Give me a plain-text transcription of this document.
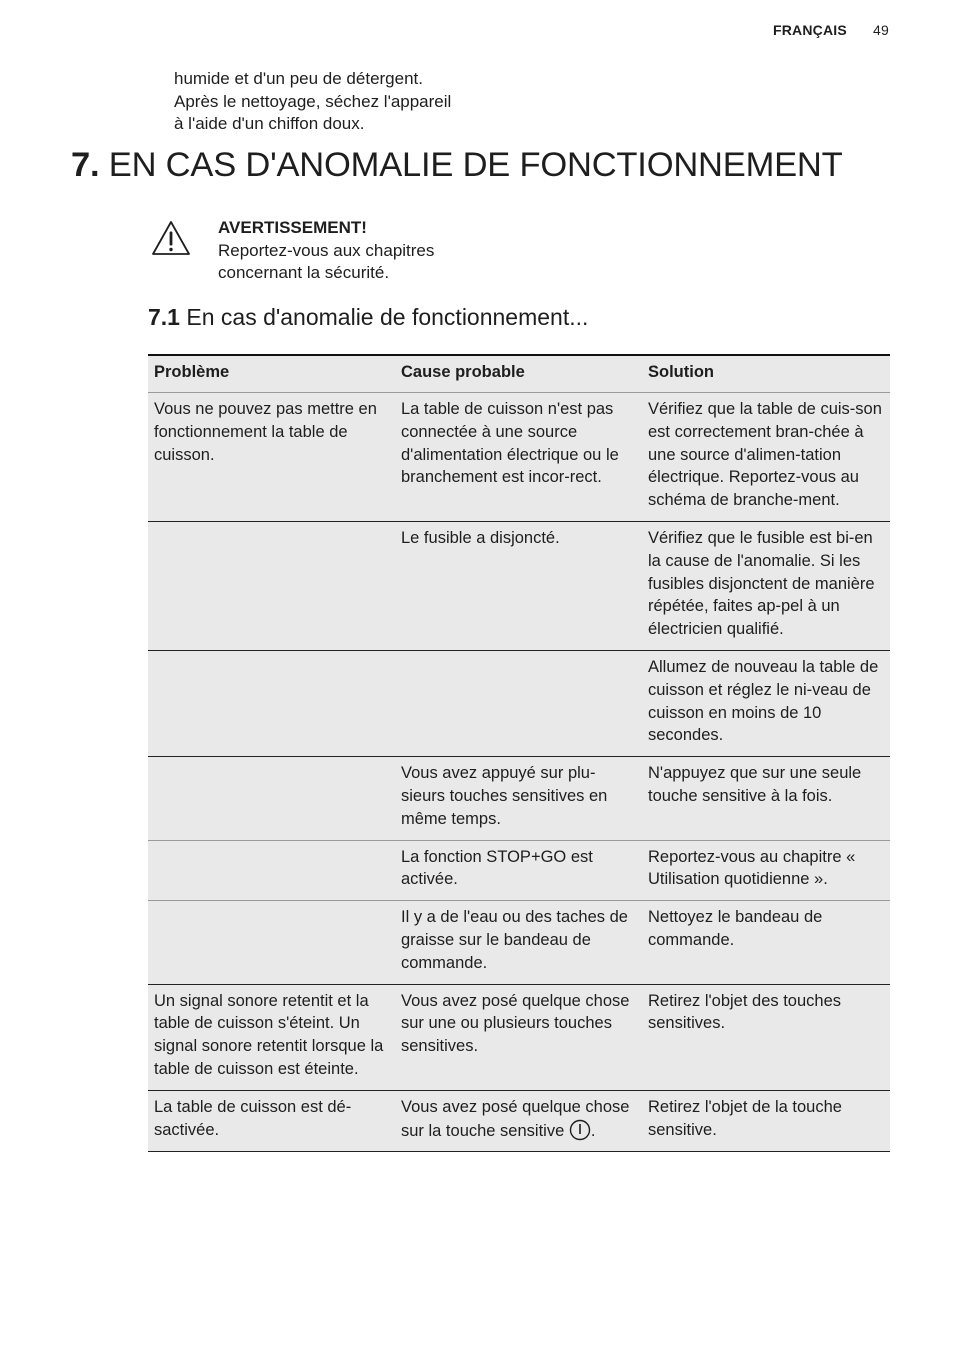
FRANÇAIS 49
humide et d'un peu de détergent.
Après le nettoyage, séchez l'appareil
à l'aide d'un chiffon doux.
7. EN CAS D'ANOMALIE DE FONCTIONNEMENT
AVERTISSEMENT!
Reportez-vous aux chapitres
concernant la sécurité.
7.1 En cas d'anomalie de fonctionnement...
Problème	Cause probable	Solution
Vous ne pouvez pas mettre en fonctionnement la table de cuisson.	La table de cuisson n'est pas connectée à une source d'alimentation électrique ou le branchement est incor-rect.	Vérifiez que la table de cuis-son est correctement bran-chée à une source d'alimen-tation électrique. Reportez-vous au schéma de branche-ment.
	Le fusible a disjoncté.	Vérifiez que le fusible est bi-en la cause de l'anomalie. Si les fusibles disjonctent de manière répétée, faites ap-pel à un électricien qualifié.
		Allumez de nouveau la table de cuisson et réglez le ni-veau de cuisson en moins de 10 secondes.
	Vous avez appuyé sur plu-sieurs touches sensitives en même temps.	N'appuyez que sur une seule touche sensitive à la fois.
	La fonction STOP+GO est activée.	Reportez-vous au chapitre « Utilisation quotidienne ».
	Il y a de l'eau ou des taches de graisse sur le bandeau de commande.	Nettoyez le bandeau de commande.
Un signal sonore retentit et la table de cuisson s'éteint. Un signal sonore retentit lorsque la table de cuisson est éteinte.	Vous avez posé quelque chose sur une ou plusieurs touches sensitives.	Retirez l'objet des touches sensitives.
La table de cuisson est dé-sactivée.	Vous avez posé quelque chose sur la touche sensitive .	Retirez l'objet de la touche sensitive.
